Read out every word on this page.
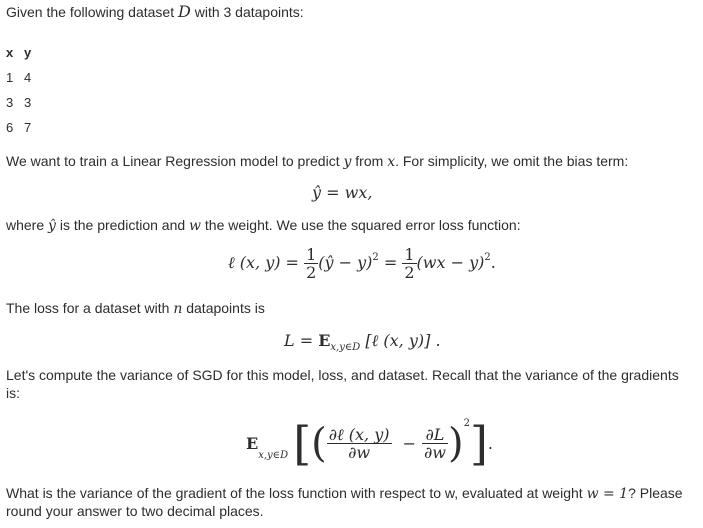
Given the following dataset D with 3 datapoints:
x y
1 4
3 3
6 7
We want to train a Linear Regression model to predict y from x. For simplicity, we omit the bias term:
ŷ = wx,
where ŷ is the prediction and w the weight. We use the squared error loss function:
ℓ (x, $y) = \frac{1}{2}$ (ŷ − $y)^2 = \frac{1}{2} (wx - y)^2$.
The loss for a dataset with n datapoints is
$L = E_{x,y\in D}$ [ℓ (x, y)] .
Let's compute the variance of SGD for this model, loss, and dataset. Recall that the variance of the gradients
is:
$E_{x,y\in D}$ [( $\frac{\text{∂ℓ (x, y)}}{\partial w} - \frac{\partial L}{\partial w} )^2$].
What is the variance of the gradient of the loss function with respect to w, evaluated at weight w = 1? Please
round your answer to two decimal places.
